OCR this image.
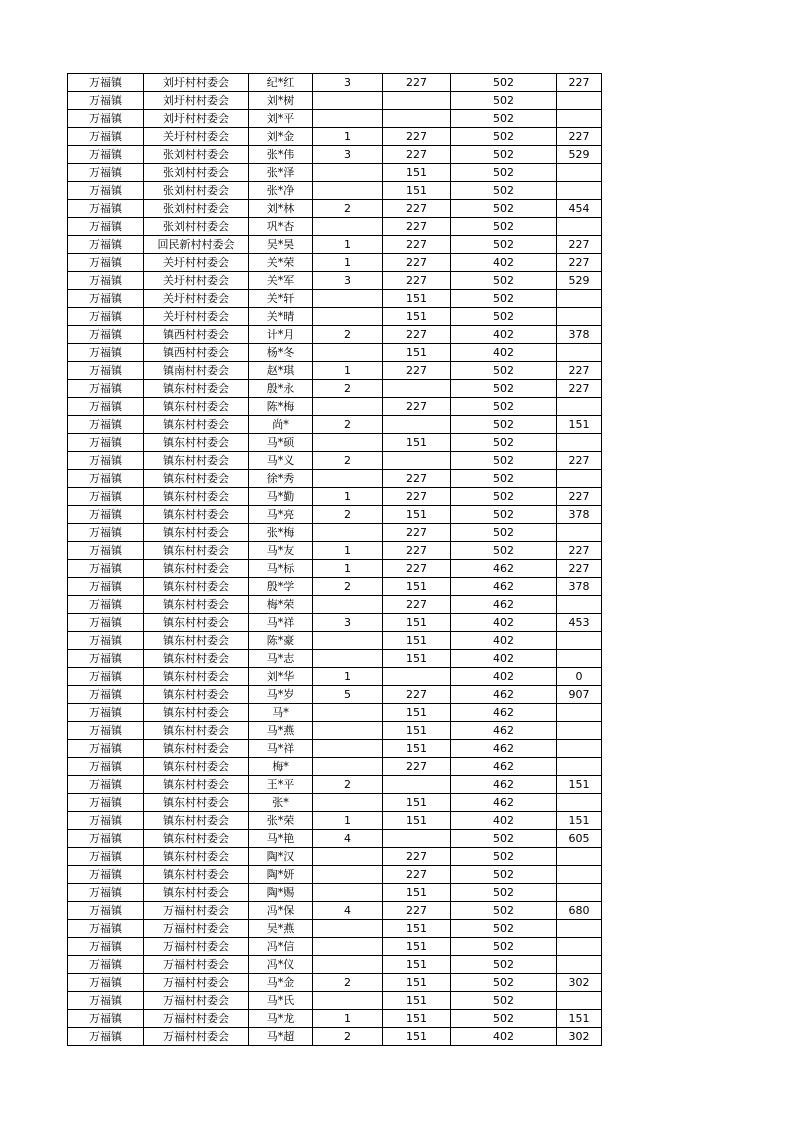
万福镇	刘圩村村委会	纪*红	3	227	502	227
万福镇	刘圩村村委会	刘*树			502	
万福镇	刘圩村村委会	刘*平			502	
万福镇	关圩村村委会	刘*金	1	227	502	227
万福镇	张刘村村委会	张*伟	3	227	502	529
万福镇	张刘村村委会	张*泽		151	502	
万福镇	张刘村村委会	张*净		151	502	
万福镇	张刘村村委会	刘*林	2	227	502	454
万福镇	张刘村村委会	巩*杏		227	502	
万福镇	回民新村村委会	吴*昊	1	227	502	227
万福镇	关圩村村委会	关*荣	1	227	402	227
万福镇	关圩村村委会	关*军	3	227	502	529
万福镇	关圩村村委会	关*轩		151	502	
万福镇	关圩村村委会	关*晴		151	502	
万福镇	镇西村村委会	计*月	2	227	402	378
万福镇	镇西村村委会	杨*冬		151	402	
万福镇	镇南村村委会	赵*琪	1	227	502	227
万福镇	镇东村村委会	殷*永	2		502	227
万福镇	镇东村村委会	陈*梅		227	502	
万福镇	镇东村村委会	尚*	2		502	151
万福镇	镇东村村委会	马*硕		151	502	
万福镇	镇东村村委会	马*义	2		502	227
万福镇	镇东村村委会	徐*秀		227	502	
万福镇	镇东村村委会	马*勤	1	227	502	227
万福镇	镇东村村委会	马*亮	2	151	502	378
万福镇	镇东村村委会	张*梅		227	502	
万福镇	镇东村村委会	马*友	1	227	502	227
万福镇	镇东村村委会	马*标	1	227	462	227
万福镇	镇东村村委会	殷*学	2	151	462	378
万福镇	镇东村村委会	梅*荣		227	462	
万福镇	镇东村村委会	马*祥	3	151	402	453
万福镇	镇东村村委会	陈*豪		151	402	
万福镇	镇东村村委会	马*志		151	402	
万福镇	镇东村村委会	刘*华	1		402	0
万福镇	镇东村村委会	马*岁	5	227	462	907
万福镇	镇东村村委会	马*		151	462	
万福镇	镇东村村委会	马*燕		151	462	
万福镇	镇东村村委会	马*祥		151	462	
万福镇	镇东村村委会	梅*		227	462	
万福镇	镇东村村委会	王*平	2		462	151
万福镇	镇东村村委会	张*		151	462	
万福镇	镇东村村委会	张*荣	1	151	402	151
万福镇	镇东村村委会	马*艳	4		502	605
万福镇	镇东村村委会	陶*汉		227	502	
万福镇	镇东村村委会	陶*妍		227	502	
万福镇	镇东村村委会	陶*赐		151	502	
万福镇	万福村村委会	冯*保	4	227	502	680
万福镇	万福村村委会	吴*燕		151	502	
万福镇	万福村村委会	冯*信		151	502	
万福镇	万福村村委会	冯*仪		151	502	
万福镇	万福村村委会	马*金	2	151	502	302
万福镇	万福村村委会	马*氏		151	502	
万福镇	万福村村委会	马*龙	1	151	502	151
万福镇	万福村村委会	马*超	2	151	402	302
